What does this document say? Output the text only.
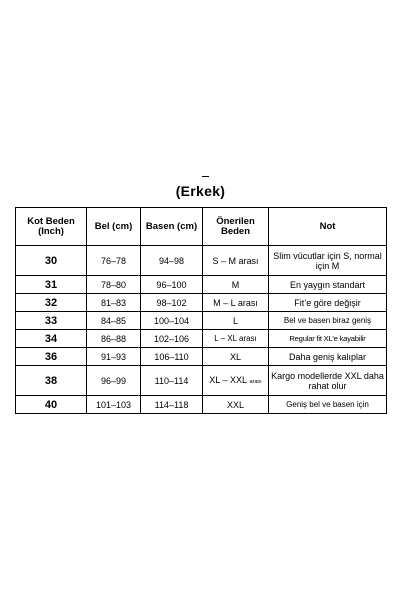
(Erkek)
Kot Beden (Inch)	Bel (cm)	Basen (cm)	Önerilen Beden	Not
30	76–78	94–98	S – M arası	Slim vücutlar için S, normal için M
31	78–80	96–100	M	En yaygın standart
32	81–83	98–102	M – L arası	Fit’e göre değişir
33	84–85	100–104	L	Bel ve basen biraz geniş
34	86–88	102–106	L – XL arası	Regular fit XL’e kayabilir
36	91–93	106–110	XL	Daha geniş kalıplar
38	96–99	110–114	XL – XXL arası	Kargo modellerde XXL daha rahat olur
40	101–103	114–118	XXL	Geniş bel ve basen için
